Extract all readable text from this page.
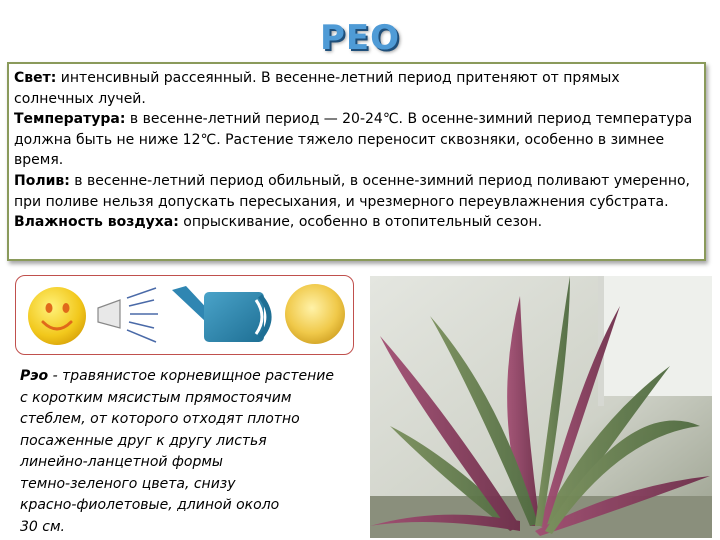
РЕО
Свет: интенсивный рассеянный. В весенне-летний период притеняют от прямых солнечных лучей.
Температура: в весенне-летний период — 20-24℃. В осенне-зимний период температура должна быть не ниже 12℃. Растение тяжело переносит сквозняки, особенно в зимнее время.
Полив: в весенне-летний период обильный, в осенне-зимний период поливают умеренно, при поливе нельзя допускать пересыхания, и чрезмерного переувлажнения субстрата.
Влажность воздуха: опрыскивание, особенно в отопительный сезон.
Рэо - травянистое корневищное растение
с коротким мясистым прямостоячим
стеблем, от которого отходят плотно
посаженные друг к другу листья
линейно-ланцетной формы
темно-зеленого цвета, снизу
красно-фиолетовые, длиной около
30 см.
